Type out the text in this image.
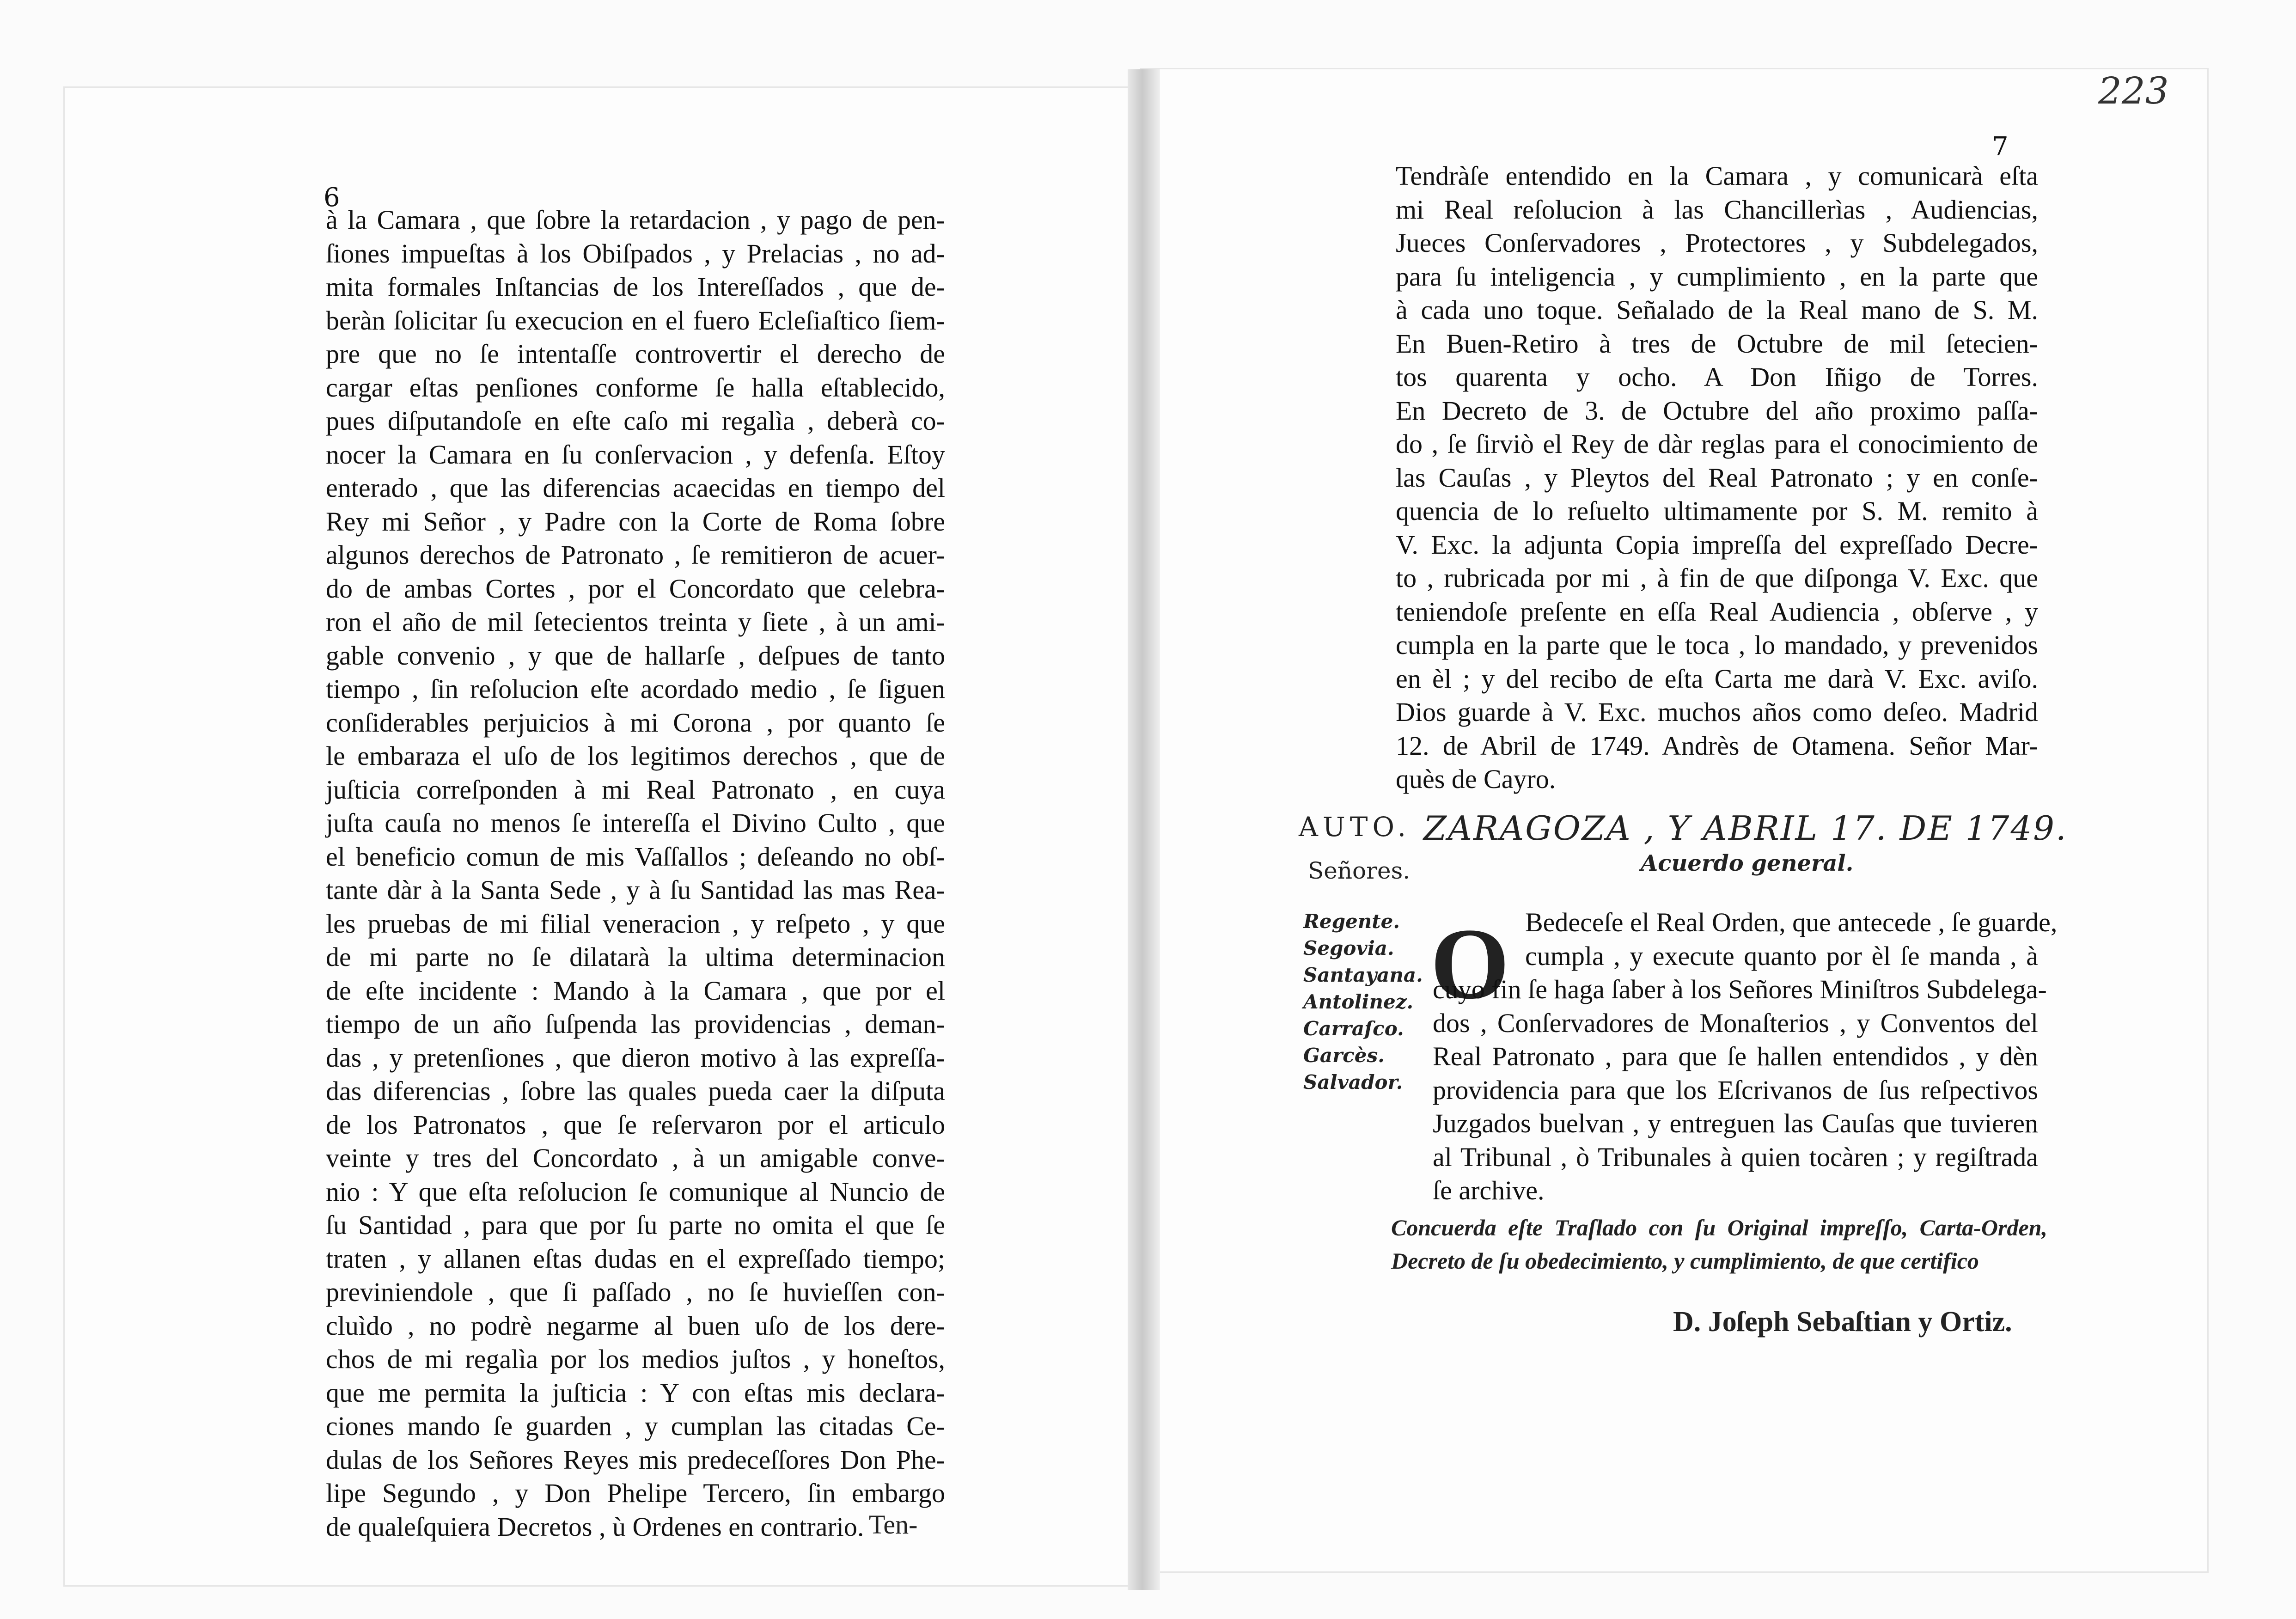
6
à la Camara , que ſobre la retardacion , y pago de pen-
ſiones impueſtas à los Obiſpados , y Prelacias , no ad-
mita formales Inſtancias de los Intereſſados , que de-
beràn ſolicitar ſu execucion en el fuero Ecleſiaſtico ſiem-
pre que no ſe intentaſſe controvertir el derecho de
cargar eſtas penſiones conforme ſe halla eſtablecido,
pues diſputandoſe en eſte caſo mi regalìa , deberà co-
nocer la Camara en ſu conſervacion , y defenſa. Eſtoy
enterado , que las diferencias acaecidas en tiempo del
Rey mi Señor , y Padre con la Corte de Roma ſobre
algunos derechos de Patronato , ſe remitieron de acuer-
do de ambas Cortes , por el Concordato que celebra-
ron el año de mil ſetecientos treinta y ſiete , à un ami-
gable convenio , y que de hallarſe , deſpues de tanto
tiempo , ſin reſolucion eſte acordado medio , ſe ſiguen
conſiderables perjuicios à mi Corona , por quanto ſe
le embaraza el uſo de los legitimos derechos , que de
juſticia correſponden à mi Real Patronato , en cuya
juſta cauſa no menos ſe intereſſa el Divino Culto , que
el beneficio comun de mis Vaſſallos ; deſeando no obſ-
tante dàr à la Santa Sede , y à ſu Santidad las mas Rea-
les pruebas de mi filial veneracion , y reſpeto , y que
de mi parte no ſe dilatarà la ultima determinacion
de eſte incidente : Mando à la Camara , que por el
tiempo de un año ſuſpenda las providencias , deman-
das , y pretenſiones , que dieron motivo à las expreſſa-
das diferencias , ſobre las quales pueda caer la diſputa
de los Patronatos , que ſe reſervaron por el articulo
veinte y tres del Concordato , à un amigable conve-
nio : Y que eſta reſolucion ſe comunique al Nuncio de
ſu Santidad , para que por ſu parte no omita el que ſe
traten , y allanen eſtas dudas en el expreſſado tiempo;
previniendole , que ſi paſſado , no ſe huvieſſen con-
cluìdo , no podrè negarme al buen uſo de los dere-
chos de mi regalìa por los medios juſtos , y honeſtos,
que me permita la juſticia : Y con eſtas mis declara-
ciones mando ſe guarden , y cumplan las citadas Ce-
dulas de los Señores Reyes mis predeceſſores Don Phe-
lipe Segundo , y Don Phelipe Tercero, ſin embargo
de qualeſquiera Decretos , ù Ordenes en contrario. Ten-
223
7
Tendràſe entendido en la Camara , y comunicarà eſta
mi Real reſolucion à las Chancillerìas , Audiencias,
Jueces Conſervadores , Protectores , y Subdelegados,
para ſu inteligencia , y cumplimiento , en la parte que
à cada uno toque. Señalado de la Real mano de S. M.
En Buen-Retiro à tres de Octubre de mil ſetecien-
tos quarenta y ocho. A Don Iñigo de Torres.
En Decreto de 3. de Octubre del año proximo paſſa-
do , ſe ſirviò el Rey de dàr reglas para el conocimiento de
las Cauſas , y Pleytos del Real Patronato ; y en conſe-
quencia de lo reſuelto ultimamente por S. M. remito à
V. Exc. la adjunta Copia impreſſa del expreſſado Decre-
to , rubricada por mi , à fin de que diſponga V. Exc. que
teniendoſe preſente en eſſa Real Audiencia , obſerve , y
cumpla en la parte que le toca , lo mandado, y prevenidos
en èl ; y del recibo de eſta Carta me darà V. Exc. aviſo.
Dios guarde à V. Exc. muchos años como deſeo. Madrid
12. de Abril de 1749. Andrès de Otamena. Señor Mar-
quès de Cayro.
AUTO.
Señores.
Regente.
Segovia.
Santayana.
Antolinez.
Carraſco.
Garcès.
Salvador.
ZARAGOZA , Y ABRIL 17. DE 1749.
Acuerdo general.
O Bedeceſe el Real Orden, que antecede , ſe guarde,
cumpla , y execute quanto por èl ſe manda , à
cuyo fin ſe haga ſaber à los Señores Miniſtros Subdelega-
dos , Conſervadores de Monaſterios , y Conventos del
Real Patronato , para que ſe hallen entendidos , y dèn
providencia para que los Eſcrivanos de ſus reſpectivos
Juzgados buelvan , y entreguen las Cauſas que tuvieren
al Tribunal , ò Tribunales à quien tocàren ; y regiſtrada
ſe archive.
Concuerda eſte Traſlado con ſu Original impreſſo, Carta-Orden,
Decreto de ſu obedecimiento, y cumplimiento, de que certifico
D. Joſeph Sebaſtian y Ortiz.
